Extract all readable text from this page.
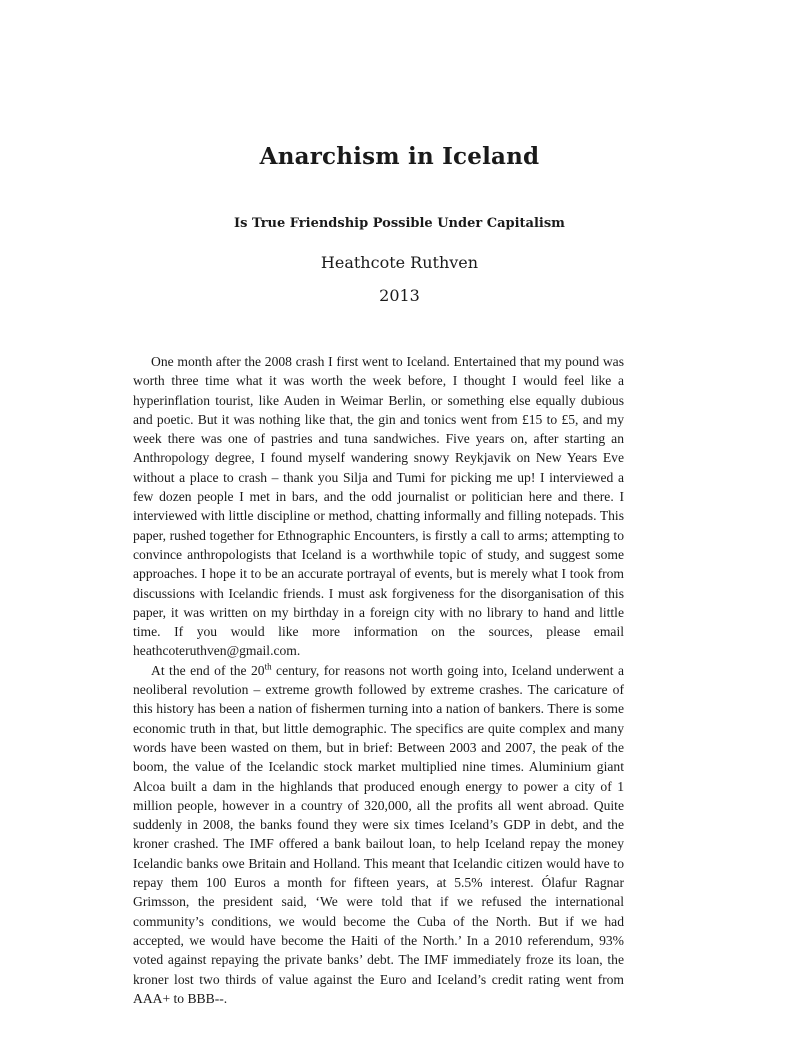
Anarchism in Iceland
Is True Friendship Possible Under Capitalism
Heathcote Ruthven
2013

One month after the 2008 crash I first went to Iceland. Entertained that my pound was worth three time what it was worth the week before, I thought I would feel like a hyperinflation tourist, like Auden in Weimar Berlin, or something else equally dubious and poetic. But it was nothing like that, the gin and tonics went from £15 to £5, and my week there was one of pastries and tuna sandwiches. Five years on, after starting an Anthropology degree, I found myself wandering snowy Reykjavik on New Years Eve without a place to crash – thank you Silja and Tumi for picking me up! I interviewed a few dozen people I met in bars, and the odd journalist or politician here and there. I interviewed with little discipline or method, chatting informally and filling notepads. This paper, rushed together for Ethnographic Encounters, is firstly a call to arms; attempting to convince anthropologists that Iceland is a worthwhile topic of study, and suggest some approaches. I hope it to be an accurate portrayal of events, but is merely what I took from discussions with Icelandic friends. I must ask forgiveness for the disorganisation of this paper, it was written on my birthday in a foreign city with no library to hand and little time. If you would like more information on the sources, please email heathcoteruthven@gmail.com.

At the end of the 20th century, for reasons not worth going into, Iceland underwent a neoliberal revolution – extreme growth followed by extreme crashes. The caricature of this history has been a nation of fishermen turning into a nation of bankers. There is some economic truth in that, but little demographic. The specifics are quite complex and many words have been wasted on them, but in brief: Between 2003 and 2007, the peak of the boom, the value of the Icelandic stock market multiplied nine times. Aluminium giant Alcoa built a dam in the highlands that produced enough energy to power a city of 1 million people, however in a country of 320,000, all the profits all went abroad. Quite suddenly in 2008, the banks found they were six times Iceland’s GDP in debt, and the kroner crashed. The IMF offered a bank bailout loan, to help Iceland repay the money Icelandic banks owe Britain and Holland. This meant that Icelandic citizen would have to repay them 100 Euros a month for fifteen years, at 5.5% interest. Ólafur Ragnar Grimsson, the president said, ‘We were told that if we refused the international community’s conditions, we would become the Cuba of the North. But if we had accepted, we would have become the Haiti of the North.’ In a 2010 referendum, 93% voted against repaying the private banks’ debt. The IMF immediately froze its loan, the kroner lost two thirds of value against the Euro and Iceland’s credit rating went from AAA+ to BBB--.
